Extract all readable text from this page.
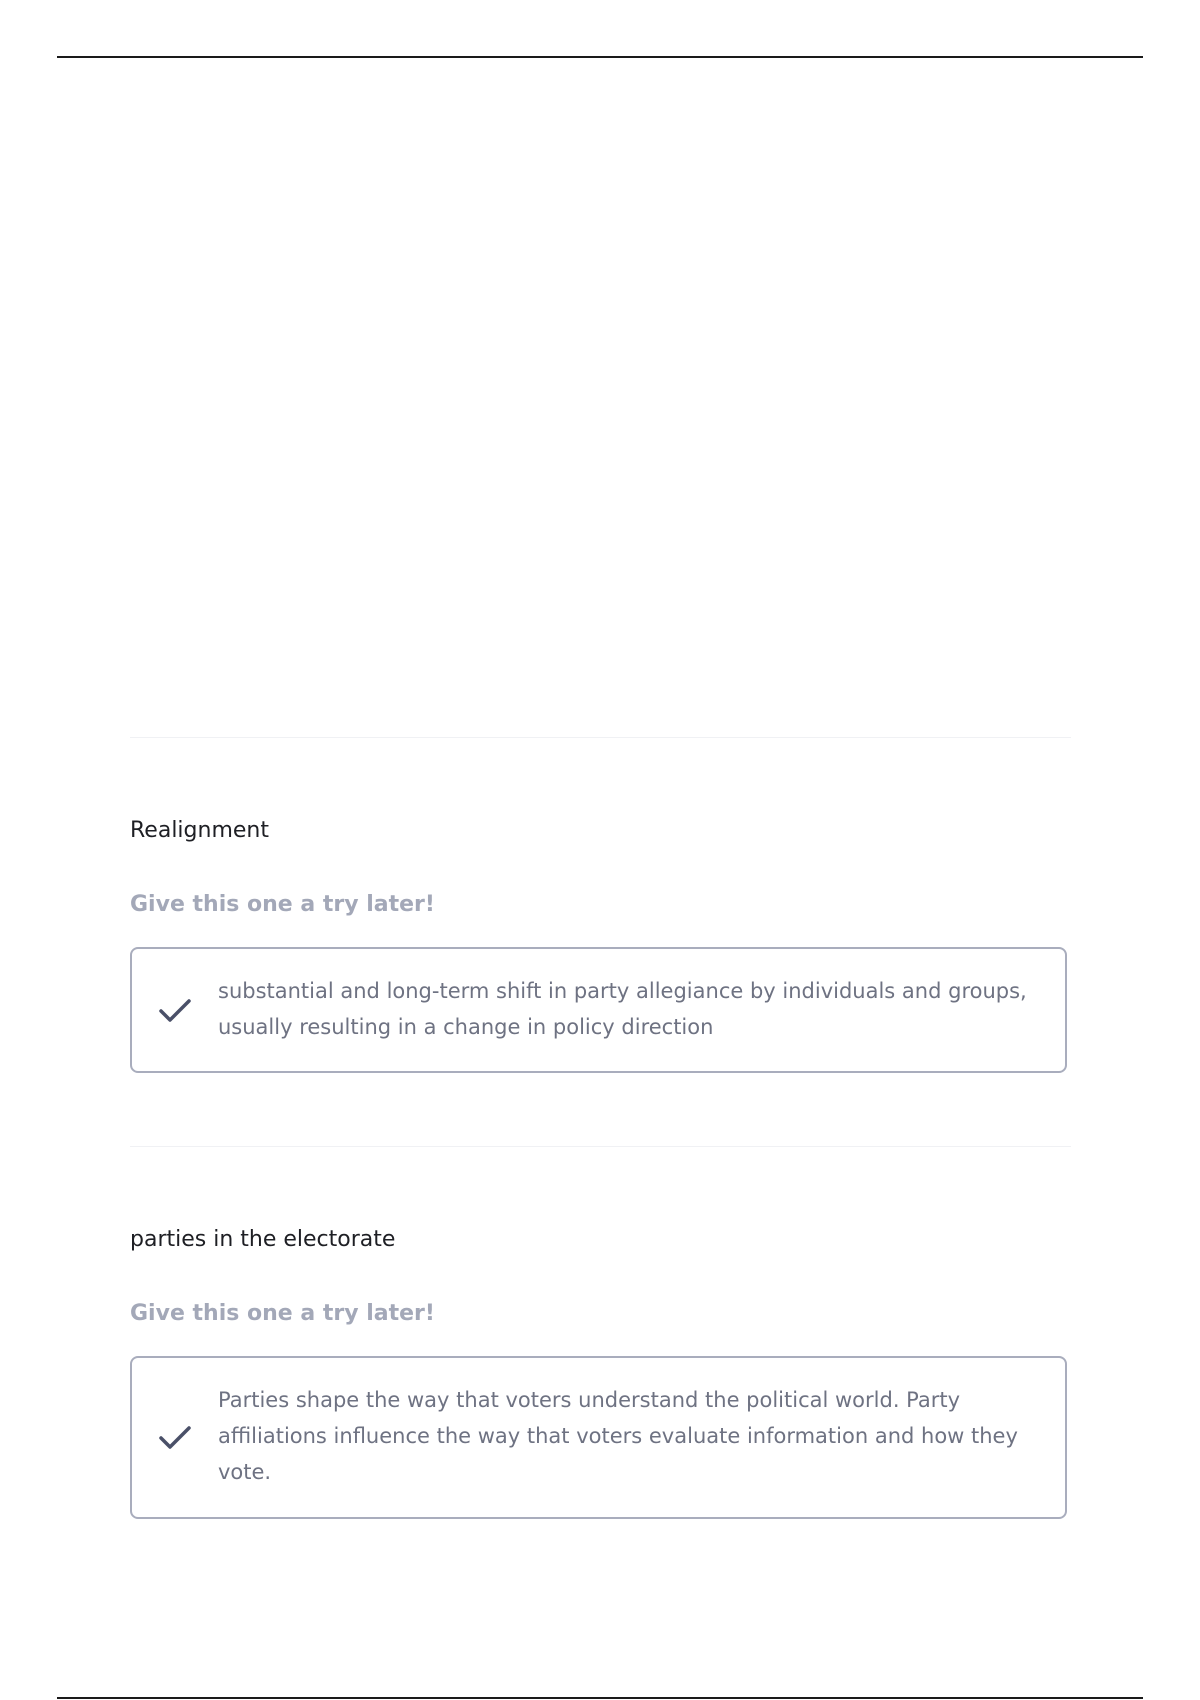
Realignment

Give this one a try later!

substantial and long-term shift in party allegiance by individuals and groups, usually resulting in a change in policy direction

parties in the electorate

Give this one a try later!

Parties shape the way that voters understand the political world. Party affiliations influence the way that voters evaluate information and how they vote.
